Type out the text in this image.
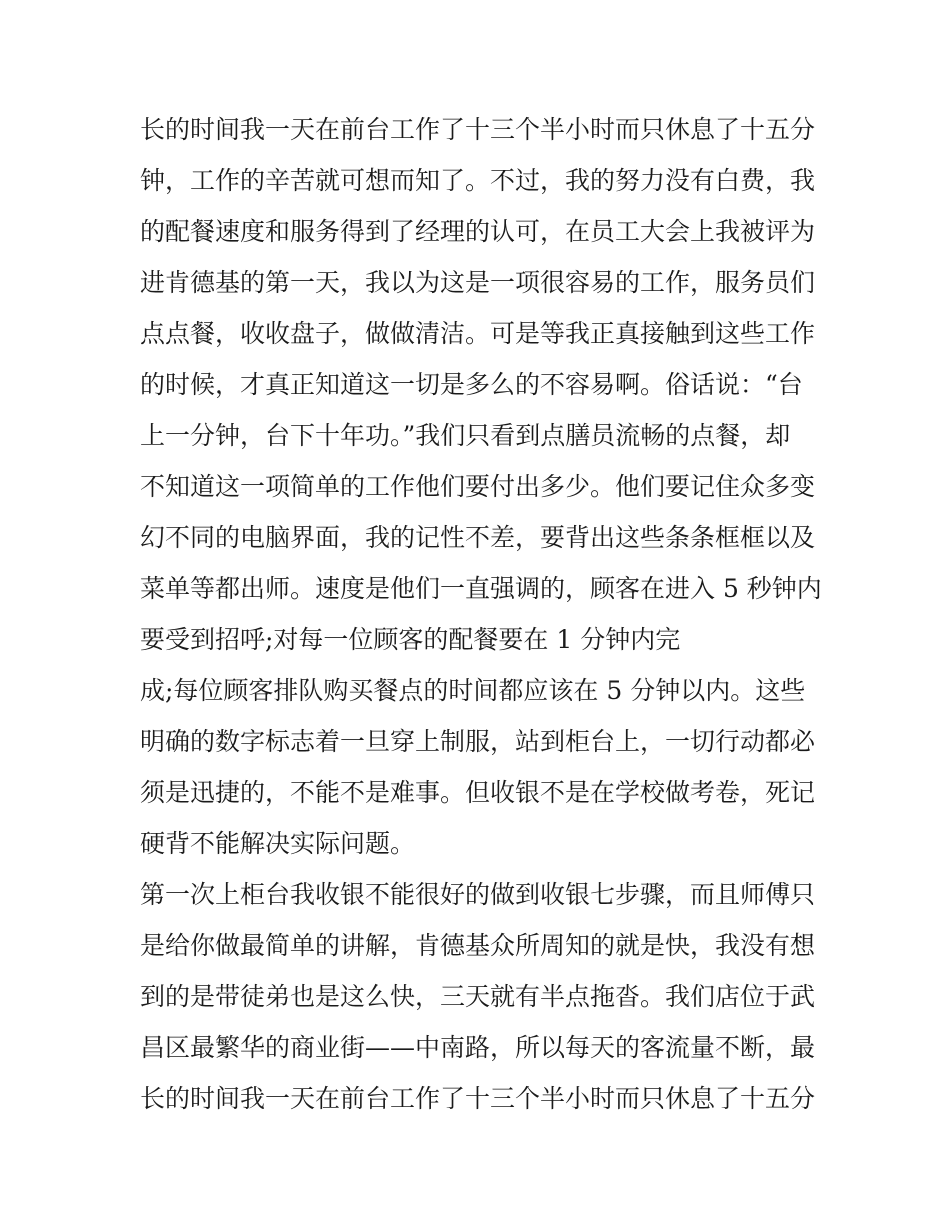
长的时间我一天在前台工作了十三个半小时而只休息了十五分
钟，工作的辛苦就可想而知了。不过，我的努力没有白费，我
的配餐速度和服务得到了经理的认可，在员工大会上我被评为
进肯德基的第一天，我以为这是一项很容易的工作，服务员们
点点餐，收收盘子，做做清洁。可是等我正真接触到这些工作
的时候，才真正知道这一切是多么的不容易啊。俗话说：“台
上一分钟，台下十年功。”我们只看到点膳员流畅的点餐，却
不知道这一项简单的工作他们要付出多少。他们要记住众多变
幻不同的电脑界面，我的记性不差，要背出这些条条框框以及
菜单等都出师。速度是他们一直强调的，顾客在进入 5 秒钟内
要受到招呼;对每一位顾客的配餐要在 1 分钟内完
成;每位顾客排队购买餐点的时间都应该在 5 分钟以内。这些
明确的数字标志着一旦穿上制服，站到柜台上，一切行动都必
须是迅捷的，不能不是难事。但收银不是在学校做考卷，死记
硬背不能解决实际问题。
第一次上柜台我收银不能很好的做到收银七步骤，而且师傅只
是给你做最简单的讲解，肯德基众所周知的就是快，我没有想
到的是带徒弟也是这么快，三天就有半点拖沓。我们店位于武
昌区最繁华的商业街——中南路，所以每天的客流量不断，最
长的时间我一天在前台工作了十三个半小时而只休息了十五分
